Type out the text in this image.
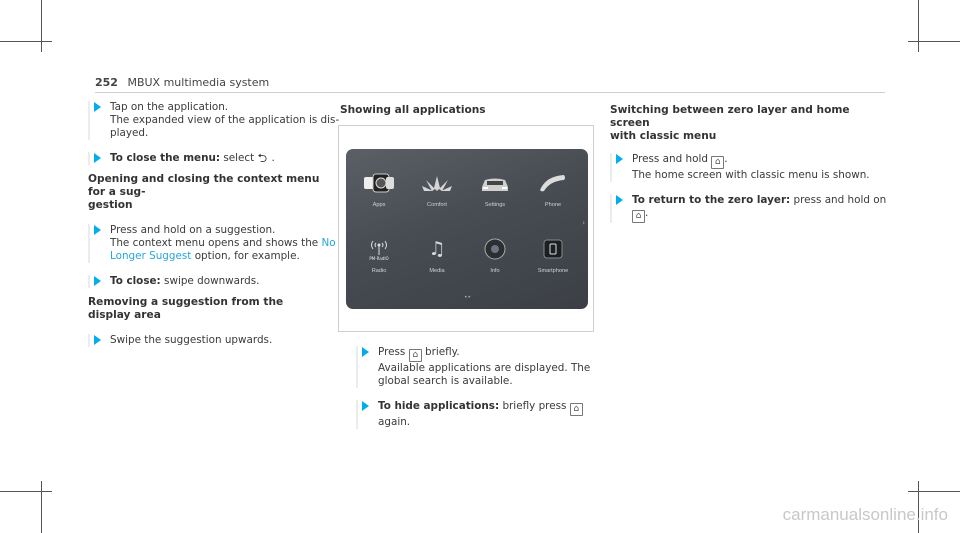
252 MBUX multimedia system

Tap on the application.

The expanded view of the application is dis-

played.

To close the menu: select ⮌ .

Opening and closing the context menu for a sug-

gestion

Press and hold on a suggestion.

The context menu opens and shows the No

Longer Suggest option, for example.

To close: swipe downwards.

Removing a suggestion from the display area

Swipe the suggestion upwards.

Showing all applications

Apps	Comfort	Settings	Phone
PM-RadIO
Radio
♫
Media	Info	Smartphone
›
••

Press ⌂ briefly.

Available applications are displayed. The

global search is available.

To hide applications: briefly press ⌂ again.

Switching between zero layer and home screen

with classic menu

Press and hold ⌂ .

The home screen with classic menu is shown.

To return to the zero layer: press and hold on

⌂ .

carmanualsonline.info
